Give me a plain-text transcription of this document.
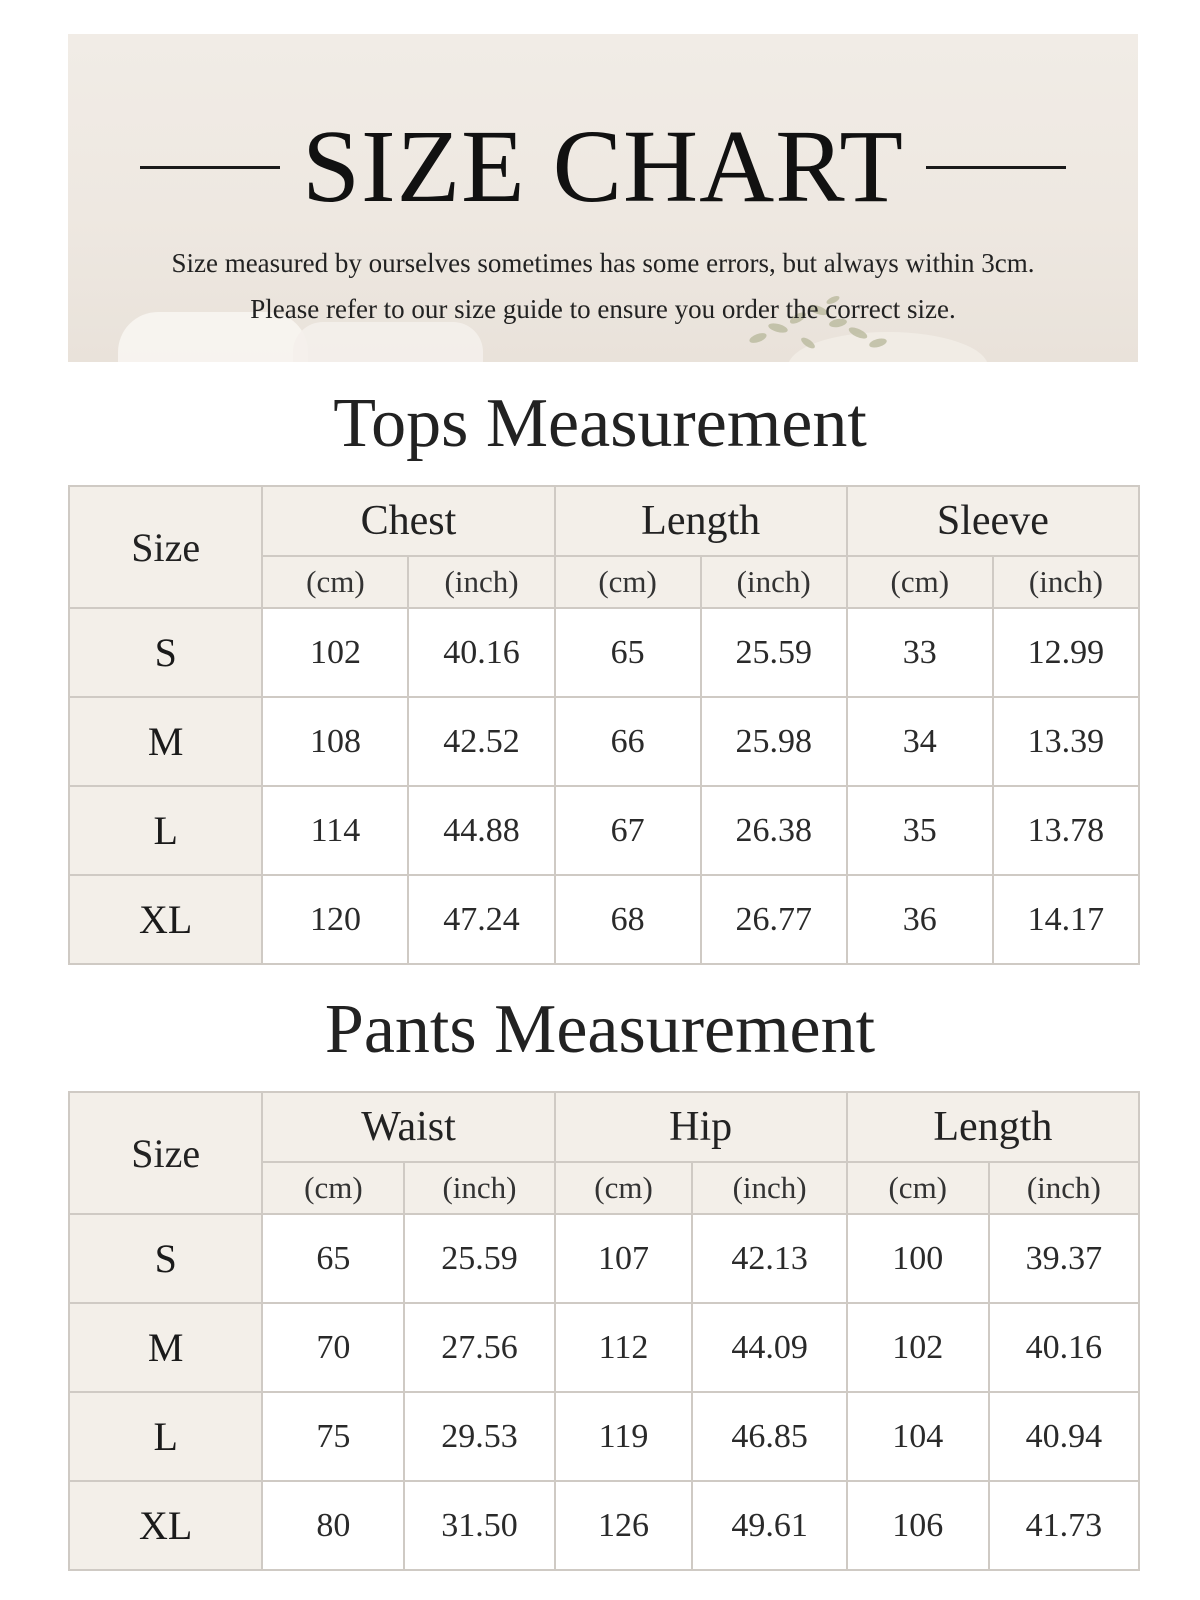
SIZE CHART
Size measured by ourselves sometimes has some errors, but always within 3cm.
Please refer to our size guide to ensure you order the correct size.
Tops Measurement
Size	Chest		Length		Sleeve	
	(cm)	(inch)	(cm)	(inch)	(cm)	(inch)
S	102	40.16	65	25.59	33	12.99
M	108	42.52	66	25.98	34	13.39
L	114	44.88	67	26.38	35	13.78
XL	120	47.24	68	26.77	36	14.17
Pants Measurement
Size	Waist		Hip		Length	
	(cm)	(inch)	(cm)	(inch)	(cm)	(inch)
S	65	25.59	107	42.13	100	39.37
M	70	27.56	112	44.09	102	40.16
L	75	29.53	119	46.85	104	40.94
XL	80	31.50	126	49.61	106	41.73
